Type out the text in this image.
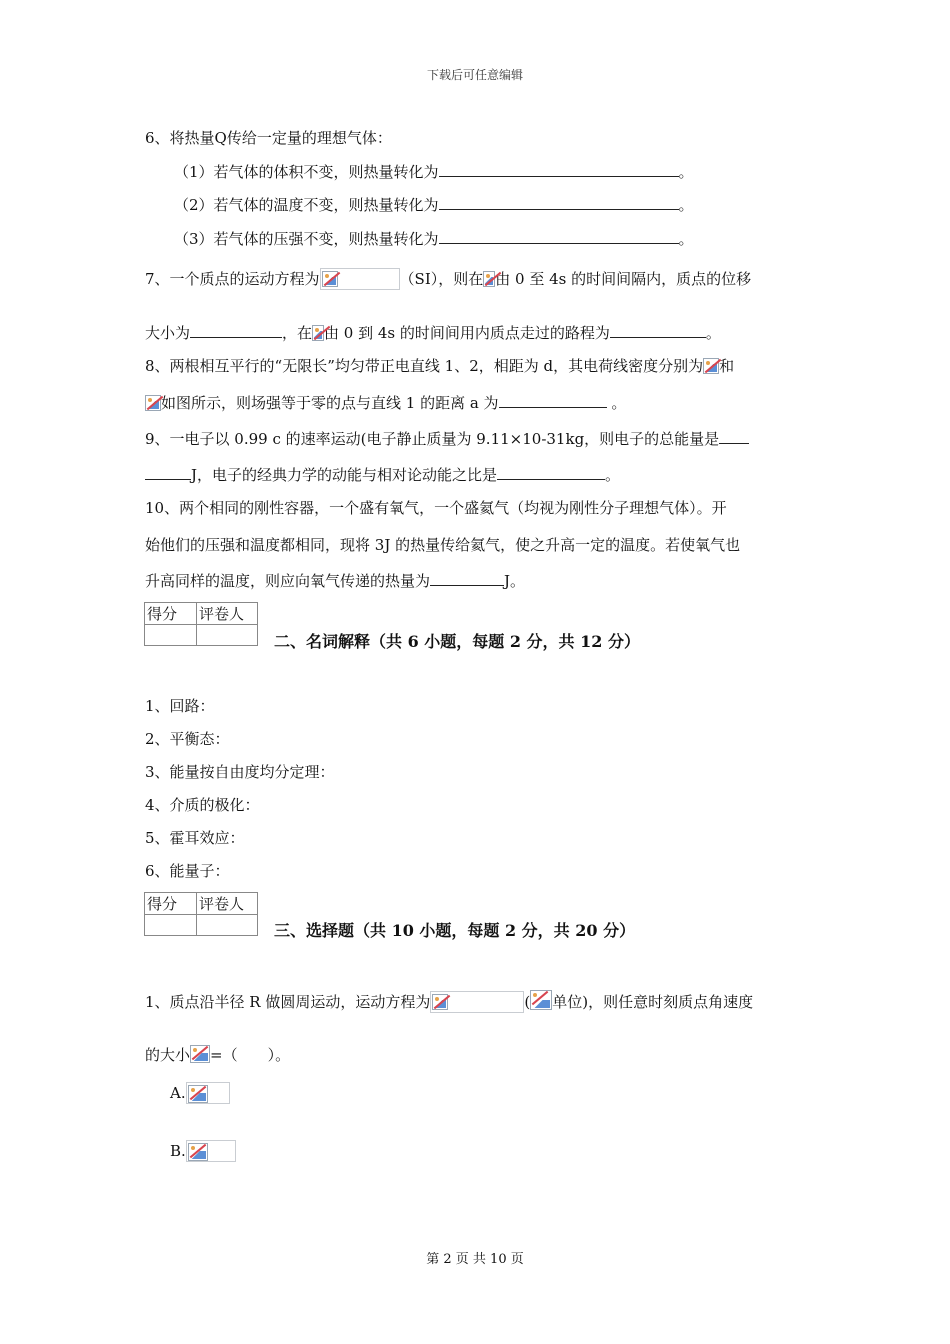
下载后可任意编辑
6、将热量Q传给一定量的理想气体：
（1）若气体的体积不变，则热量转化为	。
（2）若气体的温度不变，则热量转化为	。
（3）若气体的压强不变，则热量转化为	。
7、一个质点的运动方程为	（SI），则在 由 0 至 4s 的时间间隔内，质点的位移
大小为	，在 由 0 到 4s 的时间间用内质点走过的路程为	。
8、两根相互平行的“无限长”均匀带正电直线 1、2，相距为 d，其电荷线密度分别为 和
如图所示，则场强等于零的点与直线 1 的距离 a 为	。
9、一电子以 0.99 c 的速率运动(电子静止质量为 9.11×10-31kg，则电子的总能量是
J，电子的经典力学的动能与相对论动能之比是	。
10、两个相同的刚性容器，一个盛有氧气，一个盛氦气（均视为刚性分子理想气体）。开
始他们的压强和温度都相同，现将 3J 的热量传给氦气，使之升高一定的温度。若使氧气也
升高同样的温度，则应向氧气传递的热量为	J。
得分	评卷人

二、名词解释（共 6 小题，每题 2 分，共 12 分）
1、回路：
2、平衡态：
3、能量按自由度均分定理：
4、介质的极化：
5、霍耳效应：
6、能量子：
得分	评卷人

三、选择题（共 10 小题，每题 2 分，共 20 分）
1、质点沿半径 R 做圆周运动，运动方程为	( 单位)，则任意时刻质点角速度
的大小 =（　　）。
A.
B.
第 2 页 共 10 页
